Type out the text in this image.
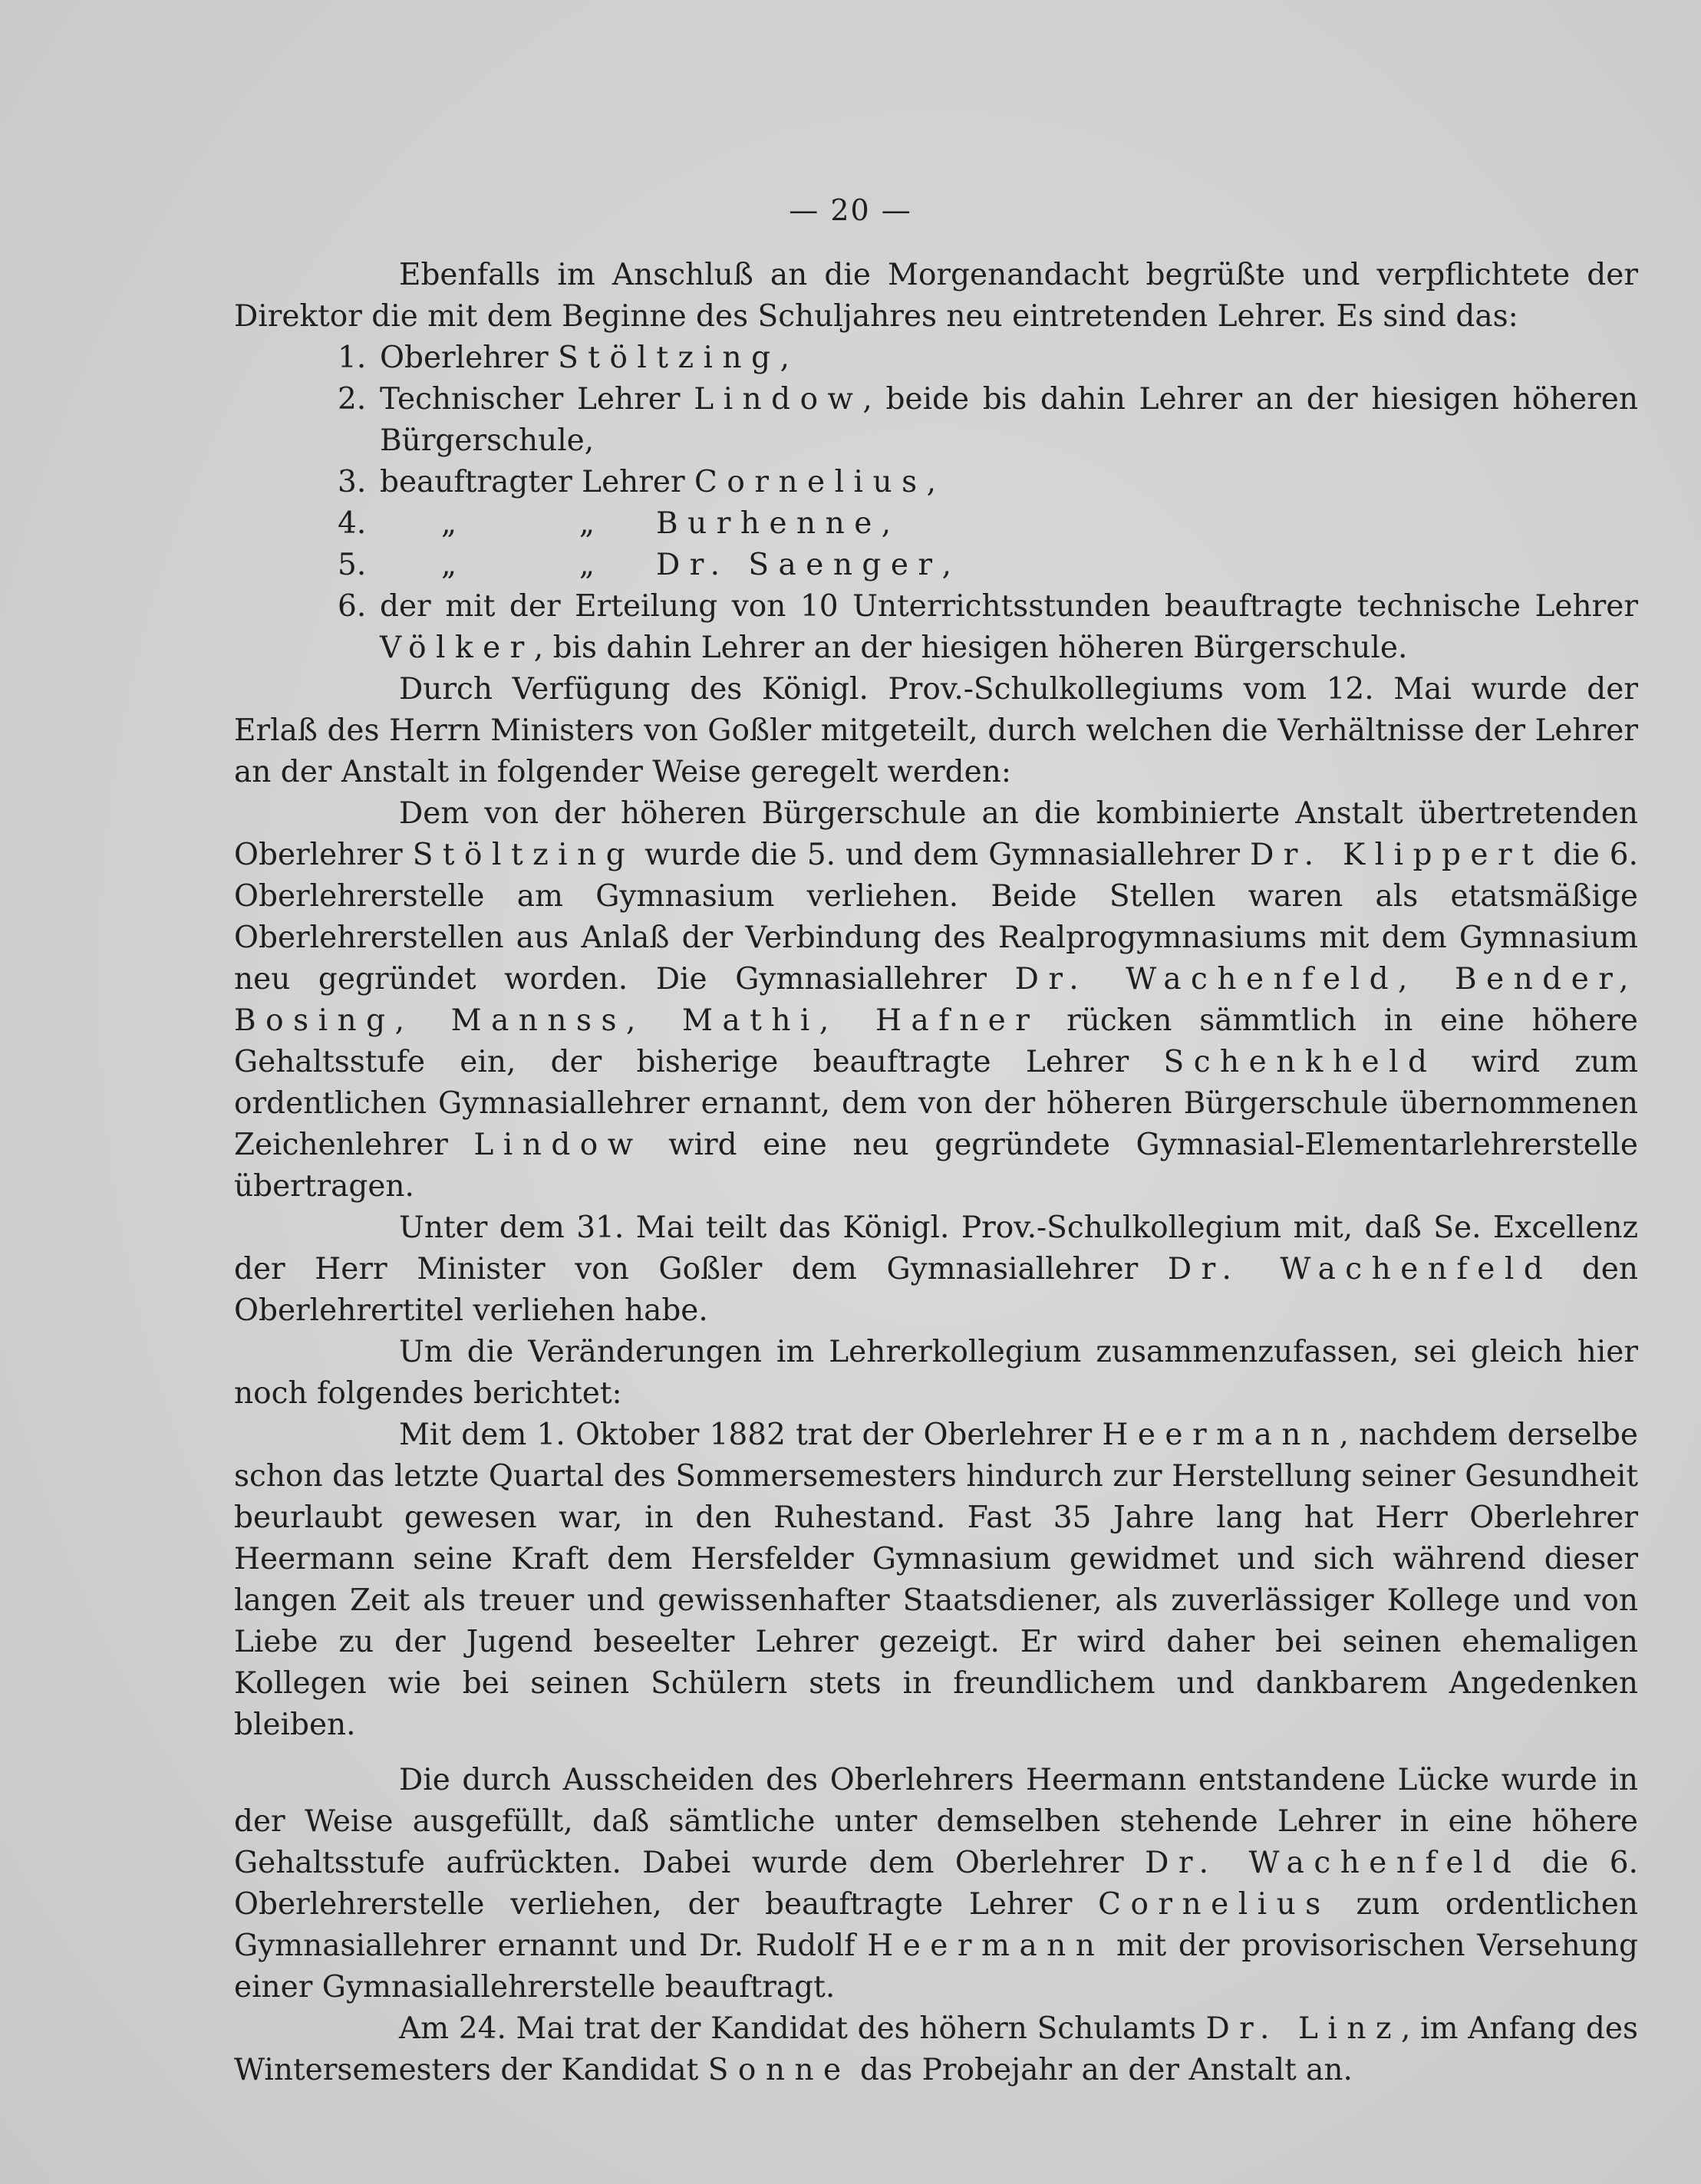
— 20 —

Ebenfalls im Anschluß an die Morgenandacht begrüßte und verpflichtete der Direktor die mit dem Beginne des Schuljahres neu eintretenden Lehrer. Es sind das:

1. Oberlehrer Stöltzing,

2. Technischer Lehrer Lindow, beide bis dahin Lehrer an der hiesigen höheren Bürgerschule,

3. beauftragter Lehrer Cornelius,

4.	„	„ Burhenne,

5.	„	„ Dr. Saenger,

6. der mit der Erteilung von 10 Unterrichtsstunden beauftragte technische Lehrer Völker, bis dahin Lehrer an der hiesigen höheren Bürgerschule.

Durch Verfügung des Königl. Prov.-Schulkollegiums vom 12. Mai wurde der Erlaß des Herrn Ministers von Goßler mitgeteilt, durch welchen die Verhältnisse der Lehrer an der Anstalt in folgender Weise geregelt werden:

Dem von der höheren Bürgerschule an die kombinierte Anstalt übertretenden Oberlehrer Stöltzing wurde die 5. und dem Gymnasiallehrer Dr. Klippert die 6. Oberlehrerstelle am Gymnasium verliehen. Beide Stellen waren als etatsmäßige Oberlehrerstellen aus Anlaß der Verbindung des Realprogymnasiums mit dem Gymnasium neu gegründet worden. Die Gymnasiallehrer Dr. Wachenfeld, Bender, Bosing, Mannss, Mathi, Hafner rücken sämmtlich in eine höhere Gehaltsstufe ein, der bisherige beauftragte Lehrer Schenkheld wird zum ordentlichen Gymnasiallehrer ernannt, dem von der höheren Bürgerschule übernommenen Zeichenlehrer Lindow wird eine neu gegründete Gymnasial-Elementarlehrerstelle übertragen.

Unter dem 31. Mai teilt das Königl. Prov.-Schulkollegium mit, daß Se. Excellenz der Herr Minister von Goßler dem Gymnasiallehrer Dr. Wachenfeld den Oberlehrertitel verliehen habe.

Um die Veränderungen im Lehrerkollegium zusammenzufassen, sei gleich hier noch folgendes berichtet:

Mit dem 1. Oktober 1882 trat der Oberlehrer Heermann, nachdem derselbe schon das letzte Quartal des Sommersemesters hindurch zur Herstellung seiner Gesundheit beurlaubt gewesen war, in den Ruhestand. Fast 35 Jahre lang hat Herr Oberlehrer Heermann seine Kraft dem Hersfelder Gymnasium gewidmet und sich während dieser langen Zeit als treuer und gewissenhafter Staatsdiener, als zuverlässiger Kollege und von Liebe zu der Jugend beseelter Lehrer gezeigt. Er wird daher bei seinen ehemaligen Kollegen wie bei seinen Schülern stets in freundlichem und dankbarem Angedenken bleiben.

Die durch Ausscheiden des Oberlehrers Heermann entstandene Lücke wurde in der Weise ausgefüllt, daß sämtliche unter demselben stehende Lehrer in eine höhere Gehaltsstufe aufrückten. Dabei wurde dem Oberlehrer Dr. Wachenfeld die 6. Oberlehrerstelle verliehen, der beauftragte Lehrer Cornelius zum ordentlichen Gymnasiallehrer ernannt und Dr. Rudolf Heermann mit der provisorischen Versehung einer Gymnasiallehrerstelle beauftragt.

Am 24. Mai trat der Kandidat des höhern Schulamts Dr. Linz, im Anfang des Wintersemesters der Kandidat Sonne das Probejahr an der Anstalt an.
